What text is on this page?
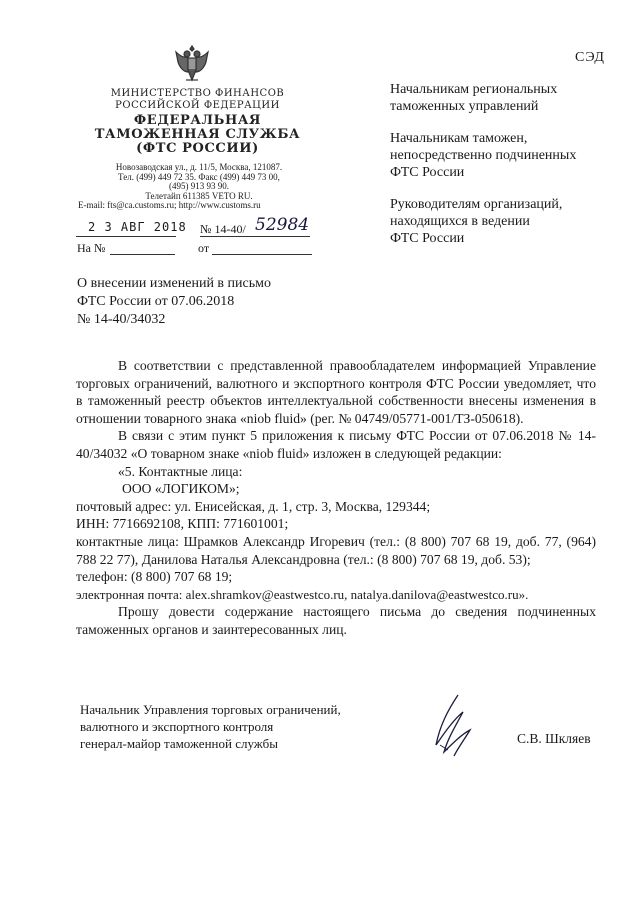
СЭД
МИНИСТЕРСТВО ФИНАНСОВ
РОССИЙСКОЙ ФЕДЕРАЦИИ
ФЕДЕРАЛЬНАЯ
ТАМОЖЕННАЯ СЛУЖБА
(ФТС РОССИИ)
Новозаводская ул., д. 11/5, Москва, 121087.
Тел. (499) 449 72 35. Факс (499) 449 73 00,
(495) 913 93 90.
Телетайп 611385 VETO RU.
E-mail: fts@ca.customs.ru; http://www.customs.ru
2 3 АВГ 2018 № 14-40/ 52984
На №	от
Начальникам региональных
таможенных управлений
Начальникам таможен,
непосредственно подчиненных
ФТС России
Руководителям организаций,
находящихся в ведении
ФТС России
О внесении изменений в письмо
ФТС России от 07.06.2018
№ 14-40/34032

В соответствии с представленной правообладателем информацией Управление торговых ограничений, валютного и экспортного контроля ФТС России уведомляет, что в таможенный реестр объектов интеллектуальной собственности внесены изменения в отношении товарного знака «niob fluid» (рег. № 04749/05771-001/ТЗ-050618).

В связи с этим пункт 5 приложения к письму ФТС России от 07.06.2018 № 14-40/34032 «О товарном знаке «niob fluid» изложен в следующей редакции:

«5. Контактные лица:

ООО «ЛОГИКОМ»;

почтовый адрес: ул. Енисейская, д. 1, стр. 3, Москва, 129344;

ИНН: 7716692108, КПП: 771601001;

контактные лица: Шрамков Александр Игоревич (тел.: (8 800) 707 68 19, доб. 77, (964) 788 22 77), Данилова Наталья Александровна (тел.: (8 800) 707 68 19, доб. 53);

телефон: (8 800) 707 68 19;

электронная почта: alex.shramkov@eastwestco.ru, natalya.danilova@eastwestco.ru».

Прошу довести содержание настоящего письма до сведения подчиненных таможенных органов и заинтересованных лиц.

Начальник Управления торговых ограничений,
валютного и экспортного контроля
генерал-майор таможенной службы	С.В. Шкляев
